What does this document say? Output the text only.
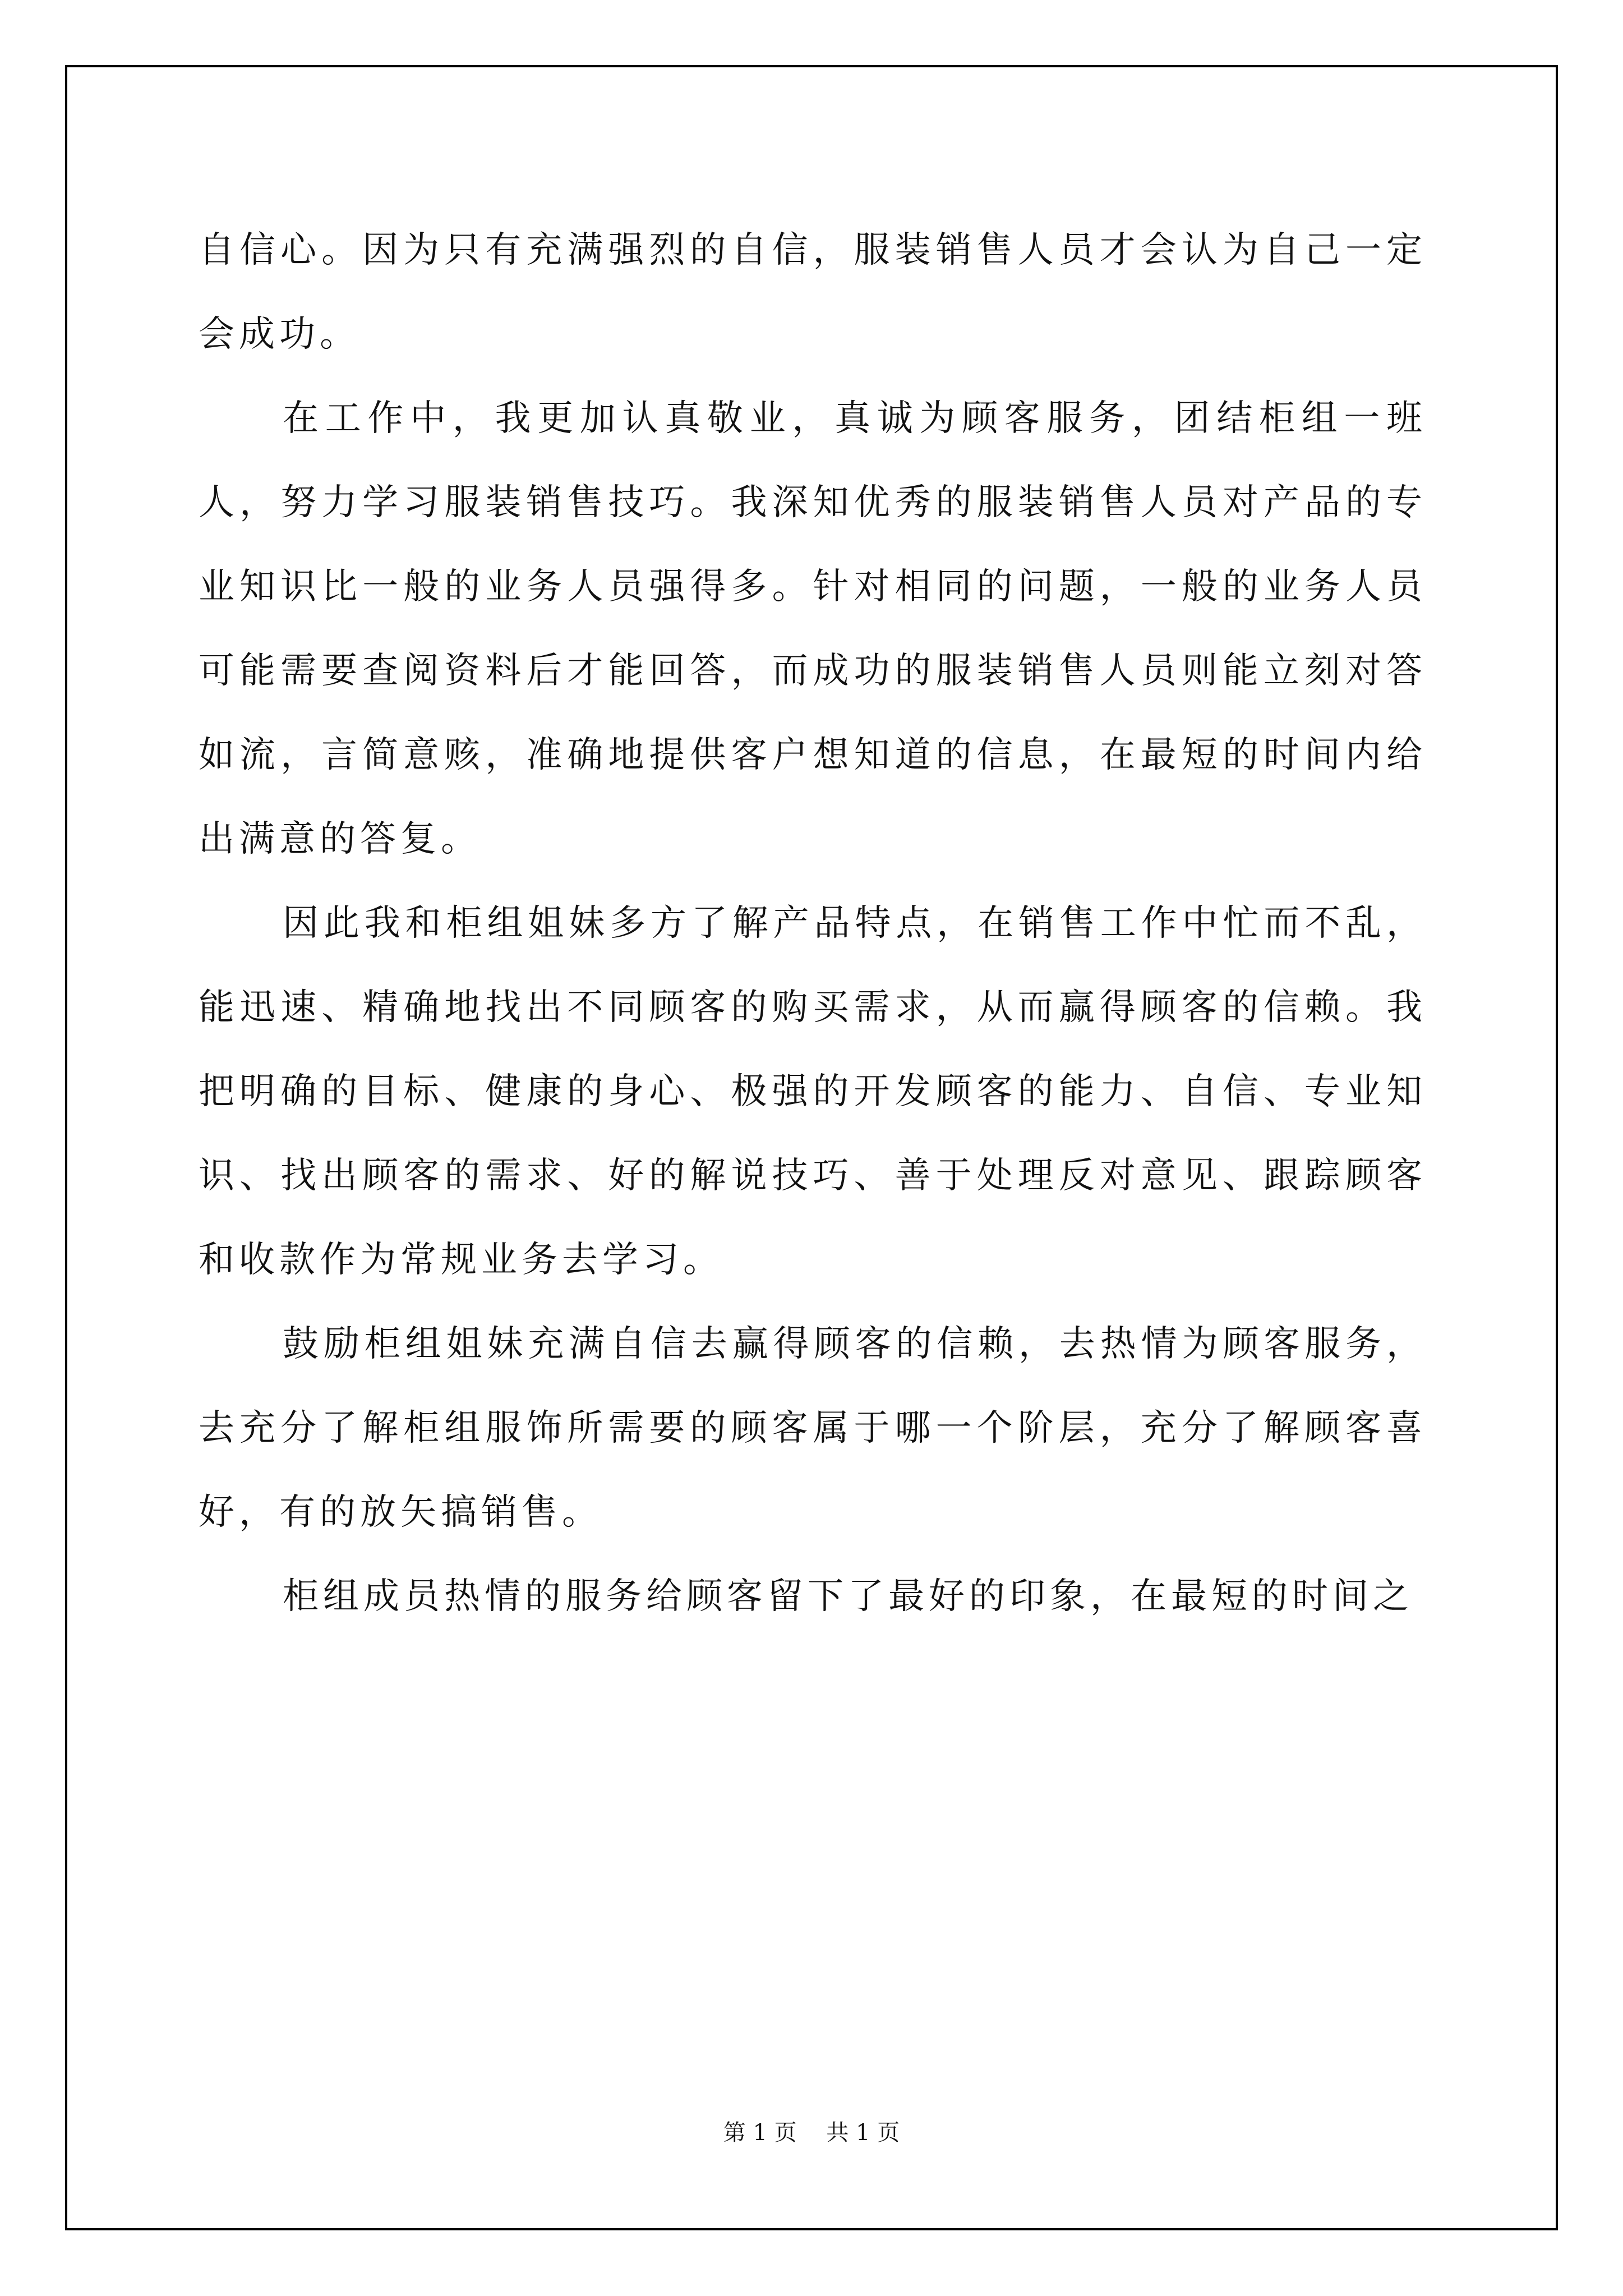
自信心。因为只有充满强烈的自信，服装销售人员才会认为自己一定会成功。

在工作中，我更加认真敬业，真诚为顾客服务，团结柜组一班人，努力学习服装销售技巧。我深知优秀的服装销售人员对产品的专业知识比一般的业务人员强得多。针对相同的问题，一般的业务人员可能需要查阅资料后才能回答，而成功的服装销售人员则能立刻对答如流，言简意赅，准确地提供客户想知道的信息，在最短的时间内给出满意的答复。

因此我和柜组姐妹多方了解产品特点，在销售工作中忙而不乱，能迅速、精确地找出不同顾客的购买需求，从而赢得顾客的信赖。我把明确的目标、健康的身心、极强的开发顾客的能力、自信、专业知识、找出顾客的需求、好的解说技巧、善于处理反对意见、跟踪顾客和收款作为常规业务去学习。

鼓励柜组姐妹充满自信去赢得顾客的信赖，去热情为顾客服务，去充分了解柜组服饰所需要的顾客属于哪一个阶层，充分了解顾客喜好，有的放矢搞销售。

柜组成员热情的服务给顾客留下了最好的印象，在最短的时间之

第 1 页　 共 1 页
